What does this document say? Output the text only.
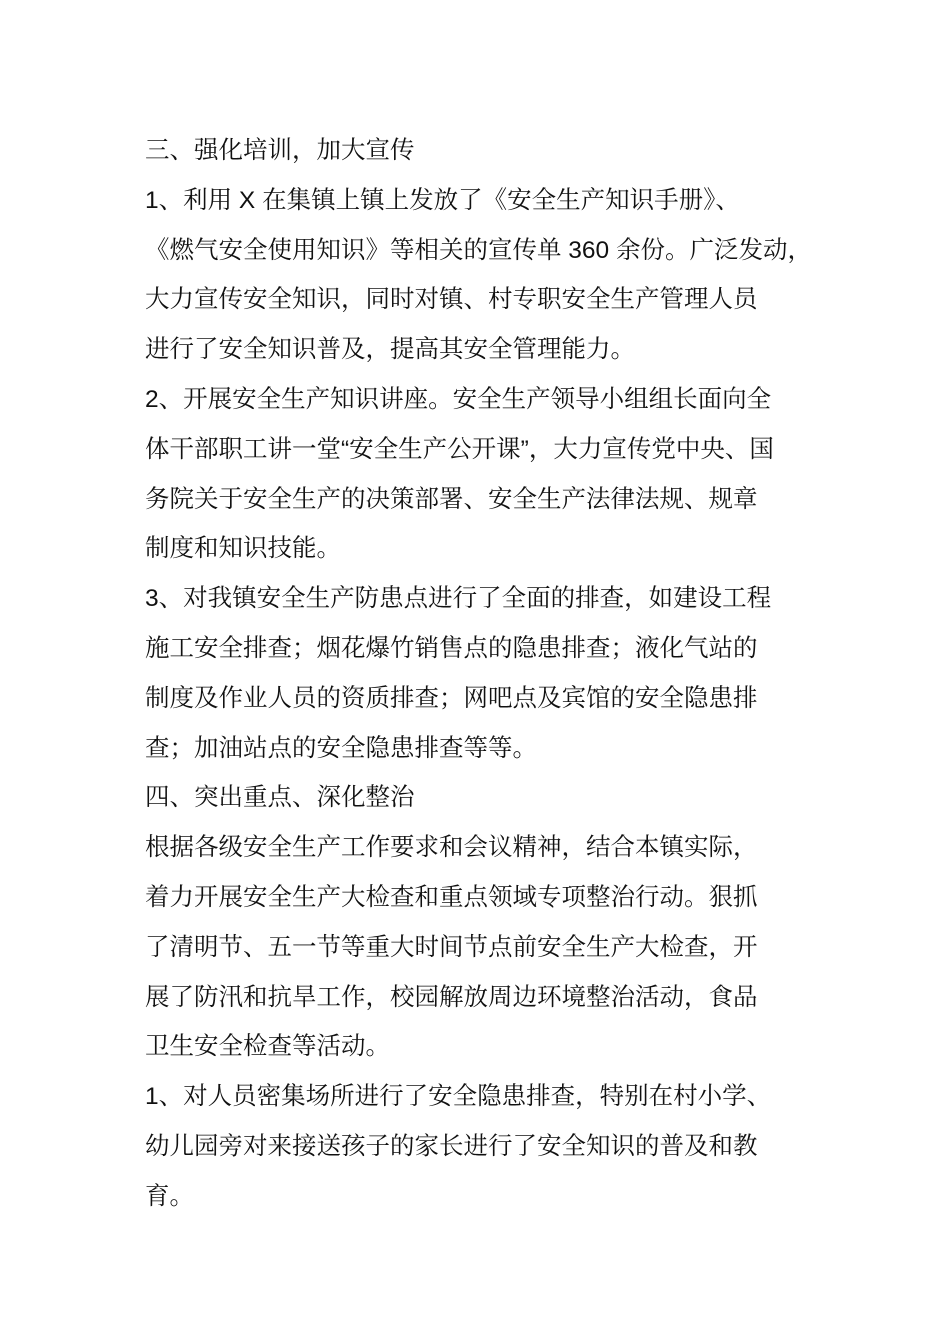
三、强化培训，加大宣传
1、利用 X 在集镇上镇上发放了《安全生产知识手册》、
《燃气安全使用知识》等相关的宣传单 360 余份。广泛发动，
大力宣传安全知识，同时对镇、村专职安全生产管理人员
进行了安全知识普及，提高其安全管理能力。
2、开展安全生产知识讲座。安全生产领导小组组长面向全
体干部职工讲一堂“安全生产公开课”，大力宣传党中央、国
务院关于安全生产的决策部署、安全生产法律法规、规章
制度和知识技能。
3、对我镇安全生产防患点进行了全面的排查，如建设工程
施工安全排查；烟花爆竹销售点的隐患排查；液化气站的
制度及作业人员的资质排查；网吧点及宾馆的安全隐患排
查；加油站点的安全隐患排查等等。
四、突出重点、深化整治
根据各级安全生产工作要求和会议精神，结合本镇实际，
着力开展安全生产大检查和重点领域专项整治行动。狠抓
了清明节、五一节等重大时间节点前安全生产大检查，开
展了防汛和抗旱工作，校园解放周边环境整治活动，食品
卫生安全检查等活动。
1、对人员密集场所进行了安全隐患排查，特别在村小学、
幼儿园旁对来接送孩子的家长进行了安全知识的普及和教
育。
